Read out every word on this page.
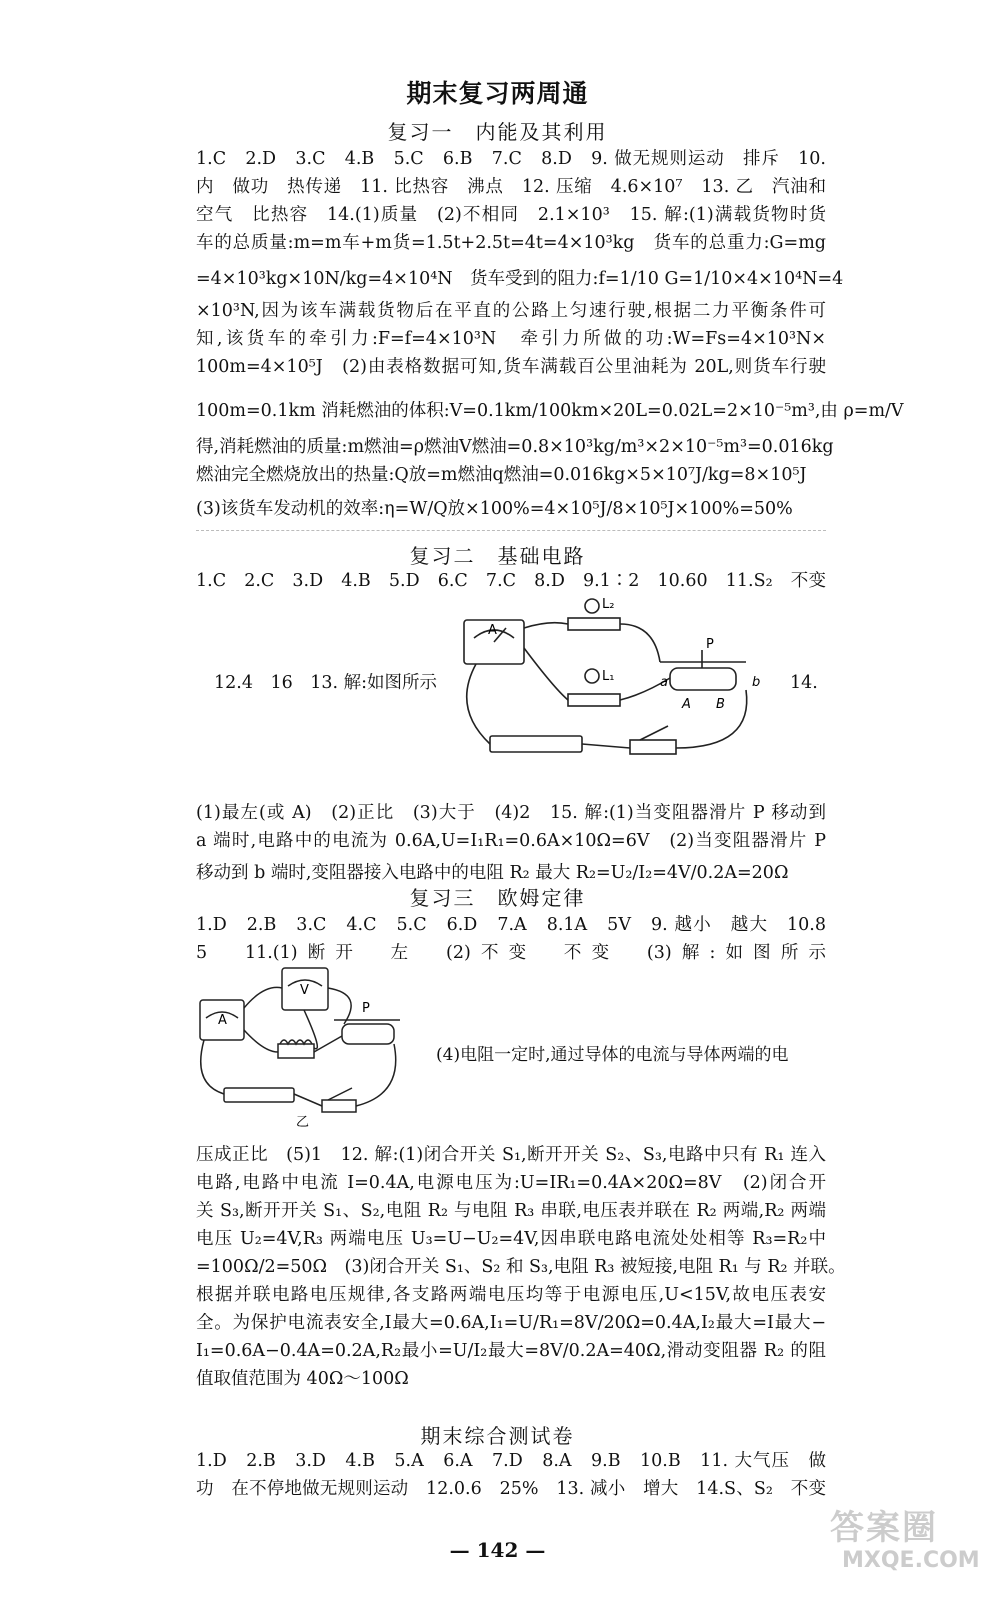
期末复习两周通
复习一　内能及其利用
1.C　2.D　3.C　4.B　5.C　6.B　7.C　8.D　9. 做无规则运动　排斥　10.
内　做功　热传递　11. 比热容　沸点　12. 压缩　4.6×10⁷　13. 乙　汽油和
空气　比热容　14.(1)质量　(2)不相同　2.1×10³　15. 解:(1)满载货物时货
车的总质量:m=m车+m货=1.5t+2.5t=4t=4×10³kg　货车的总重力:G=mg
=4×10³kg×10N/kg=4×10⁴N　货车受到的阻力:f=1/10 G=1/10×4×10⁴N=4
×10³N,因为该车满载货物后在平直的公路上匀速行驶,根据二力平衡条件可
知,该货车的牵引力:F=f=4×10³N　牵引力所做的功:W=Fs=4×10³N×
100m=4×10⁵J　(2)由表格数据可知,货车满载百公里油耗为 20L,则货车行驶
100m=0.1km 消耗燃油的体积:V=0.1km/100km×20L=0.02L=2×10⁻⁵m³,由 ρ=m/V
得,消耗燃油的质量:m燃油=ρ燃油V燃油=0.8×10³kg/m³×2×10⁻⁵m³=0.016kg
燃油完全燃烧放出的热量:Q放=m燃油q燃油=0.016kg×5×10⁷J/kg=8×10⁵J
(3)该货车发动机的效率:η=W/Q放×100%=4×10⁵J/8×10⁵J×100%=50%
复习二　基础电路
1.C　2.C　3.D　4.B　5.D　6.C　7.C　8.D　9.1∶2　10.60　11.S₂　不变
12.4　16　13. 解:如图所示	14.
L₂
L₁
A
P
A B
a	b
(1)最左(或 A)　(2)正比　(3)大于　(4)2　15. 解:(1)当变阻器滑片 P 移动到
a 端时,电路中的电流为 0.6A,U=I₁R₁=0.6A×10Ω=6V　(2)当变阻器滑片 P
移动到 b 端时,变阻器接入电路中的电阻 R₂ 最大 R₂=U₂/I₂=4V/0.2A=20Ω
复习三　欧姆定律
1.D　2.B　3.C　4.C　5.C　6.D　7.A　8.1A　5V　9. 越小　越大　10.8
5　11.(1)断开　左　(2)不变　不变　(3)解:如图所示
A
V
P
乙
(4)电阻一定时,通过导体的电流与导体两端的电
压成正比　(5)1　12. 解:(1)闭合开关 S₁,断开开关 S₂、S₃,电路中只有 R₁ 连入
电路,电路中电流 I=0.4A,电源电压为:U=IR₁=0.4A×20Ω=8V　(2)闭合开
关 S₃,断开开关 S₁、S₂,电阻 R₂ 与电阻 R₃ 串联,电压表并联在 R₂ 两端,R₂ 两端
电压 U₂=4V,R₃ 两端电压 U₃=U−U₂=4V,因串联电路电流处处相等 R₃=R₂中
=100Ω/2=50Ω　(3)闭合开关 S₁、S₂ 和 S₃,电阻 R₃ 被短接,电阻 R₁ 与 R₂ 并联。
根据并联电路电压规律,各支路两端电压均等于电源电压,U<15V,故电压表安
全。为保护电流表安全,I最大=0.6A,I₁=U/R₁=8V/20Ω=0.4A,I₂最大=I最大−
I₁=0.6A−0.4A=0.2A,R₂最小=U/I₂最大=8V/0.2A=40Ω,滑动变阻器 R₂ 的阻
值取值范围为 40Ω～100Ω
期末综合测试卷
1.D　2.B　3.D　4.B　5.A　6.A　7.D　8.A　9.B　10.B　11. 大气压　做
功　在不停地做无规则运动　12.0.6　25%　13. 减小　增大　14.S、S₂　不变
— 142 —
答案圈
MXQE.COM
